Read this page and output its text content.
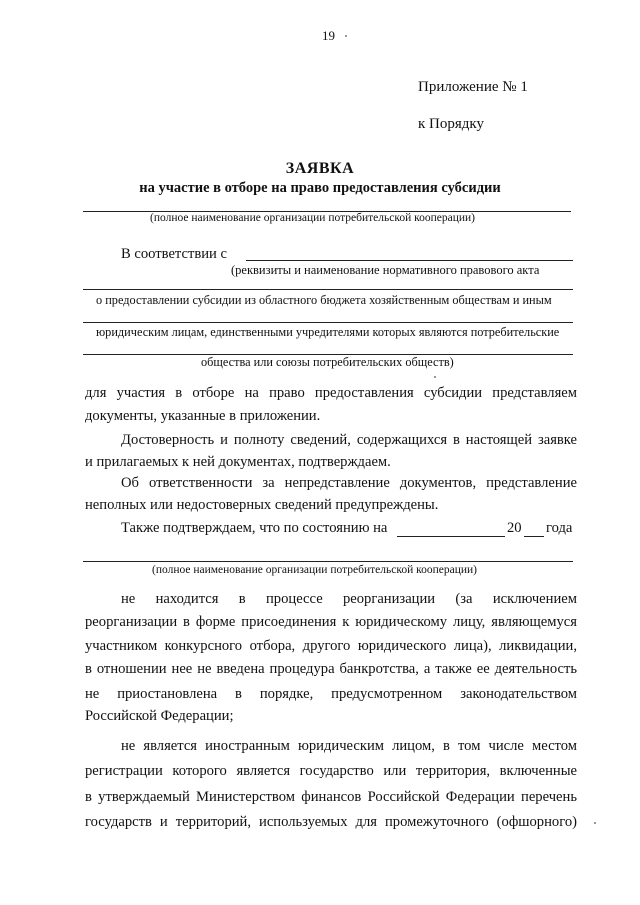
19
Приложение № 1
к Порядку
ЗАЯВКА
на участие в отборе на право предоставления субсидии
(полное наименование организации потребительской кооперации)
В соответствии с
(реквизиты и наименование нормативного правового акта
о предоставлении субсидии из областного бюджета хозяйственным обществам и иным
юридическим лицам, единственными учредителями которых являются потребительские
общества или союзы потребительских обществ)
для участия в отборе на право предоставления субсидии представляем
документы, указанные в приложении.
Достоверность и полноту сведений, содержащихся в настоящей заявке
и прилагаемых к ней документах, подтверждаем.
Об ответственности за непредставление документов, представление
неполных или недостоверных сведений предупреждены.
Также подтверждаем, что по состоянию на	20 года
(полное наименование организации потребительской кооперации)
не находится в процессе реорганизации (за исключением
реорганизации в форме присоединения к юридическому лицу, являющемуся
участником конкурсного отбора, другого юридического лица), ликвидации,
в отношении нее не введена процедура банкротства, а также ее деятельность
не приостановлена в порядке, предусмотренном законодательством
Российской Федерации;
не является иностранным юридическим лицом, в том числе местом
регистрации которого является государство или территория, включенные
в утверждаемый Министерством финансов Российской Федерации перечень
государств и территорий, используемых для промежуточного (офшорного)
